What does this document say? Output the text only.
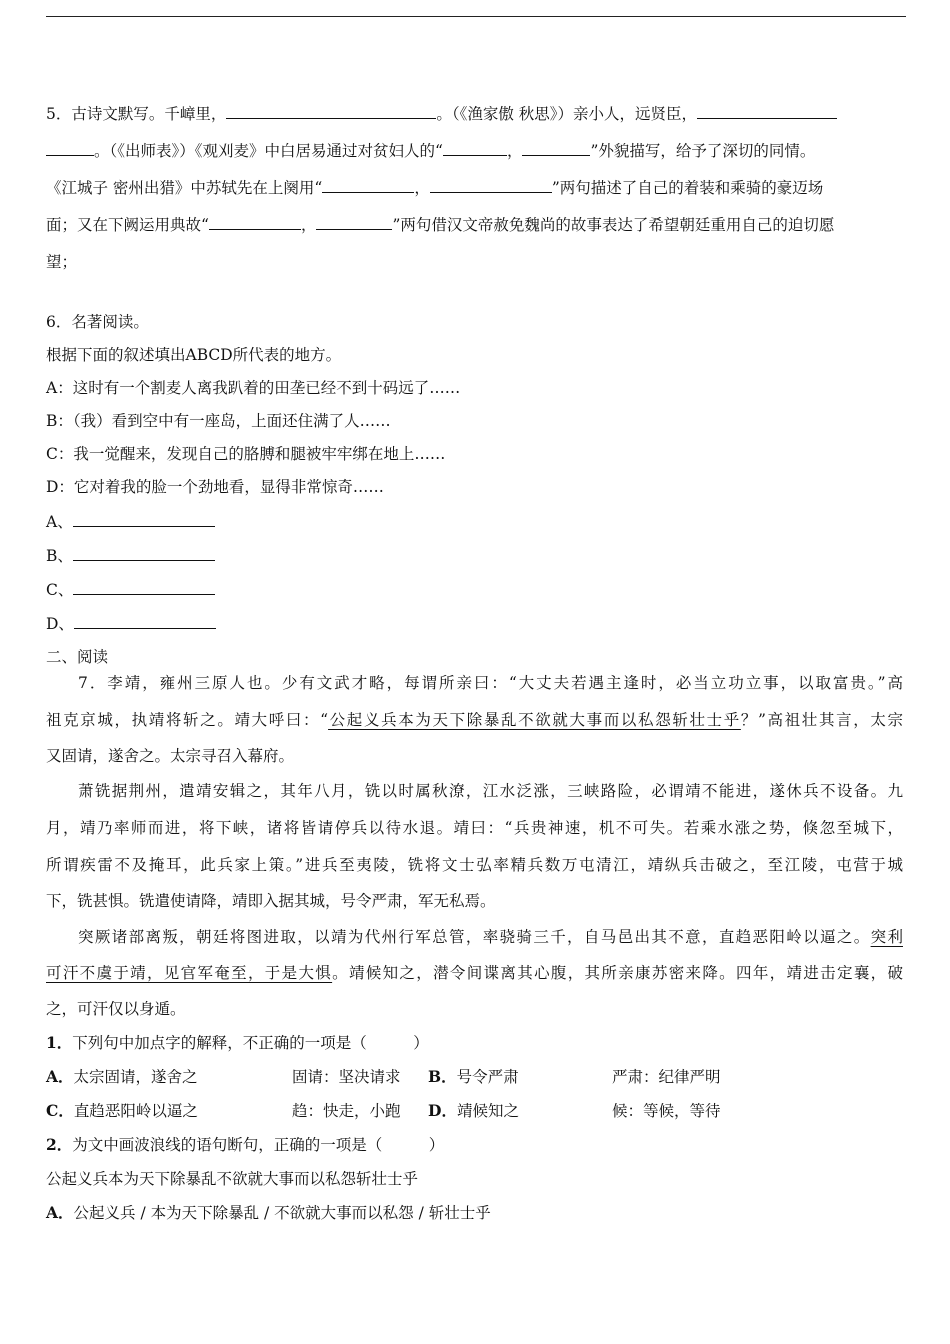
5．古诗文默写。千嶂里，	。（《渔家傲 秋思》）亲小人，远贤臣，
。（《出师表》）《观刈麦》中白居易通过对贫妇人的“	，	”外貌描写，给予了深切的同情。
《江城子 密州出猎》中苏轼先在上阕用“	，	”两句描述了自己的着装和乘骑的豪迈场
面；又在下阙运用典故“	，	”两句借汉文帝赦免魏尚的故事表达了希望朝廷重用自己的迫切愿
望；
6．名著阅读。
根据下面的叙述填出ABCD所代表的地方。
A：这时有一个割麦人离我趴着的田垄已经不到十码远了……
B：（我）看到空中有一座岛，上面还住满了人……
C：我一觉醒来，发现自己的胳膊和腿被牢牢绑在地上……
D：它对着我的脸一个劲地看，显得非常惊奇……
A、
B、
C、
D、
二、阅读
7．李靖，雍州三原人也。少有文武才略，每谓所亲曰：“大丈夫若遇主逢时，必当立功立事，以取富贵。”高
祖克京城，执靖将斩之。靖大呼曰：“公起义兵本为天下除暴乱不欲就大事而以私怨斩壮士乎？”高祖壮其言，太宗
又固请，遂舍之。太宗寻召入幕府。
萧铣据荆州，遣靖安辑之，其年八月，铣以时属秋潦，江水泛涨，三峡路险，必谓靖不能进，遂休兵不设备。九
月，靖乃率师而进，将下峡，诸将皆请停兵以待水退。靖曰：“兵贵神速，机不可失。若乘水涨之势，倏忽至城下，
所谓疾雷不及掩耳，此兵家上策。”进兵至夷陵，铣将文士弘率精兵数万屯清江，靖纵兵击破之，至江陵，屯营于城
下，铣甚惧。铣遣使请降，靖即入据其城，号令严肃，军无私焉。
突厥诸部离叛，朝廷将图进取，以靖为代州行军总管，率骁骑三千，自马邑出其不意，直趋恶阳岭以逼之。突利
可汗不虞于靖，见官军奄至，于是大惧。靖候知之，潜令间谍离其心腹，其所亲康苏密来降。四年，靖进击定襄，破
之，可汗仅以身遁。
1．下列句中加点字的解释，不正确的一项是（　　　）
A．太宗固请，遂舍之	固请：坚决请求 B．号令严肃	严肃：纪律严明
C．直趋恶阳岭以逼之	趋：快走，小跑 D．靖候知之	候：等候，等待
2．为文中画波浪线的语句断句，正确的一项是（　　　）
公起义兵本为天下除暴乱不欲就大事而以私怨斩壮士乎
A．公起义兵 / 本为天下除暴乱 / 不欲就大事而以私怨 / 斩壮士乎
